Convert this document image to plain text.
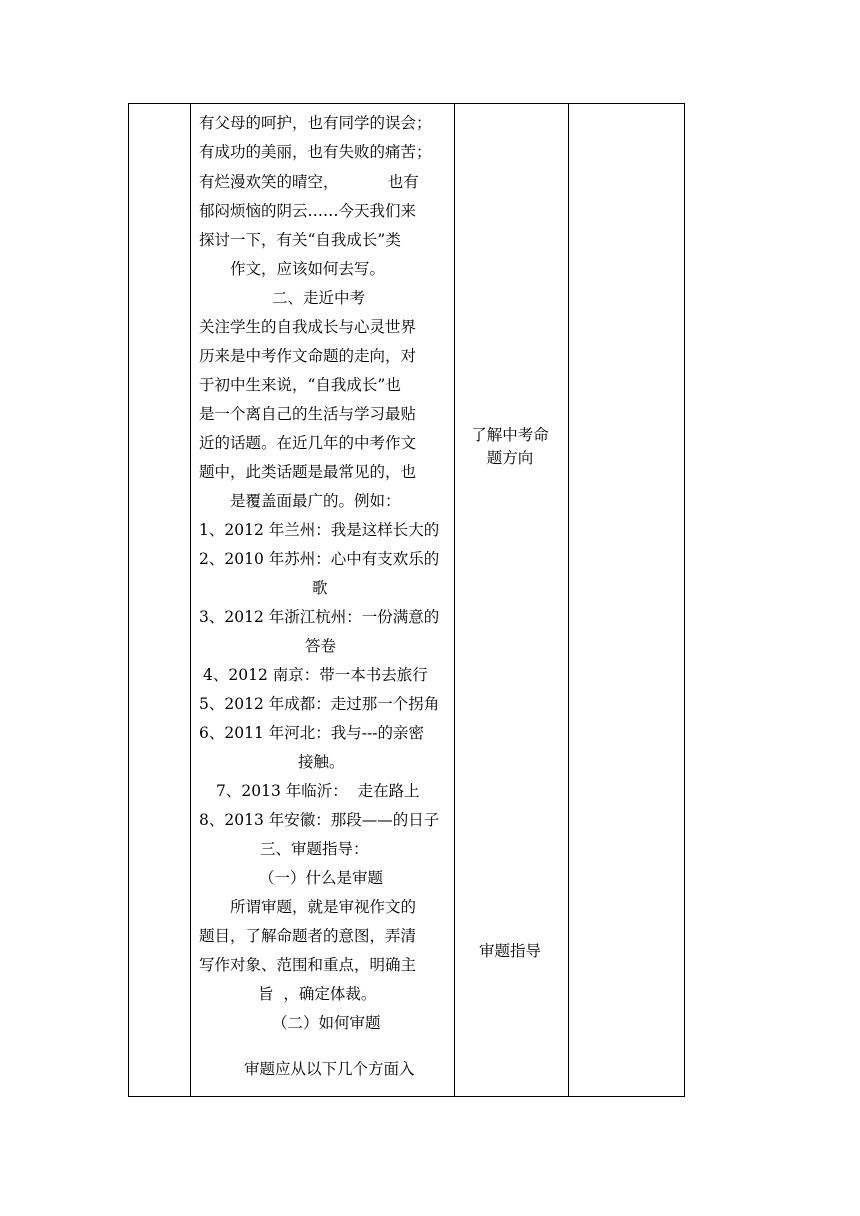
有父母的呵护，也有同学的误会；
有成功的美丽，也有失败的痛苦；
有烂漫欢笑的晴空，          也有
郁闷烦恼的阴云……今天我们来
探讨一下，有关“自我成长”类
作文，应该如何去写。
二、走近中考
关注学生的自我成长与心灵世界
历来是中考作文命题的走向，对
于初中生来说，“自我成长”也
是一个离自己的生活与学习最贴
近的话题。在近几年的中考作文
题中，此类话题是最常见的，也
是覆盖面最广的。例如：
1、2012 年兰州：我是这样长大的
2、2010 年苏州：心中有支欢乐的
歌
3、2012 年浙江杭州：一份满意的
答卷
4、2012 南京：带一本书去旅行
5、2012 年成都：走过那一个拐角
6、2011 年河北：我与---的亲密
接触。
7、2013 年临沂：  走在路上
8、2013 年安徽：那段——的日子
三、审题指导：
（一）什么是审题
所谓审题，就是审视作文的
题目，了解命题者的意图，弄清
写作对象、范围和重点，明确主
旨  ，确定体裁。
（二）如何审题
审题应从以下几个方面入
了解中考命
题方向
审题指导
